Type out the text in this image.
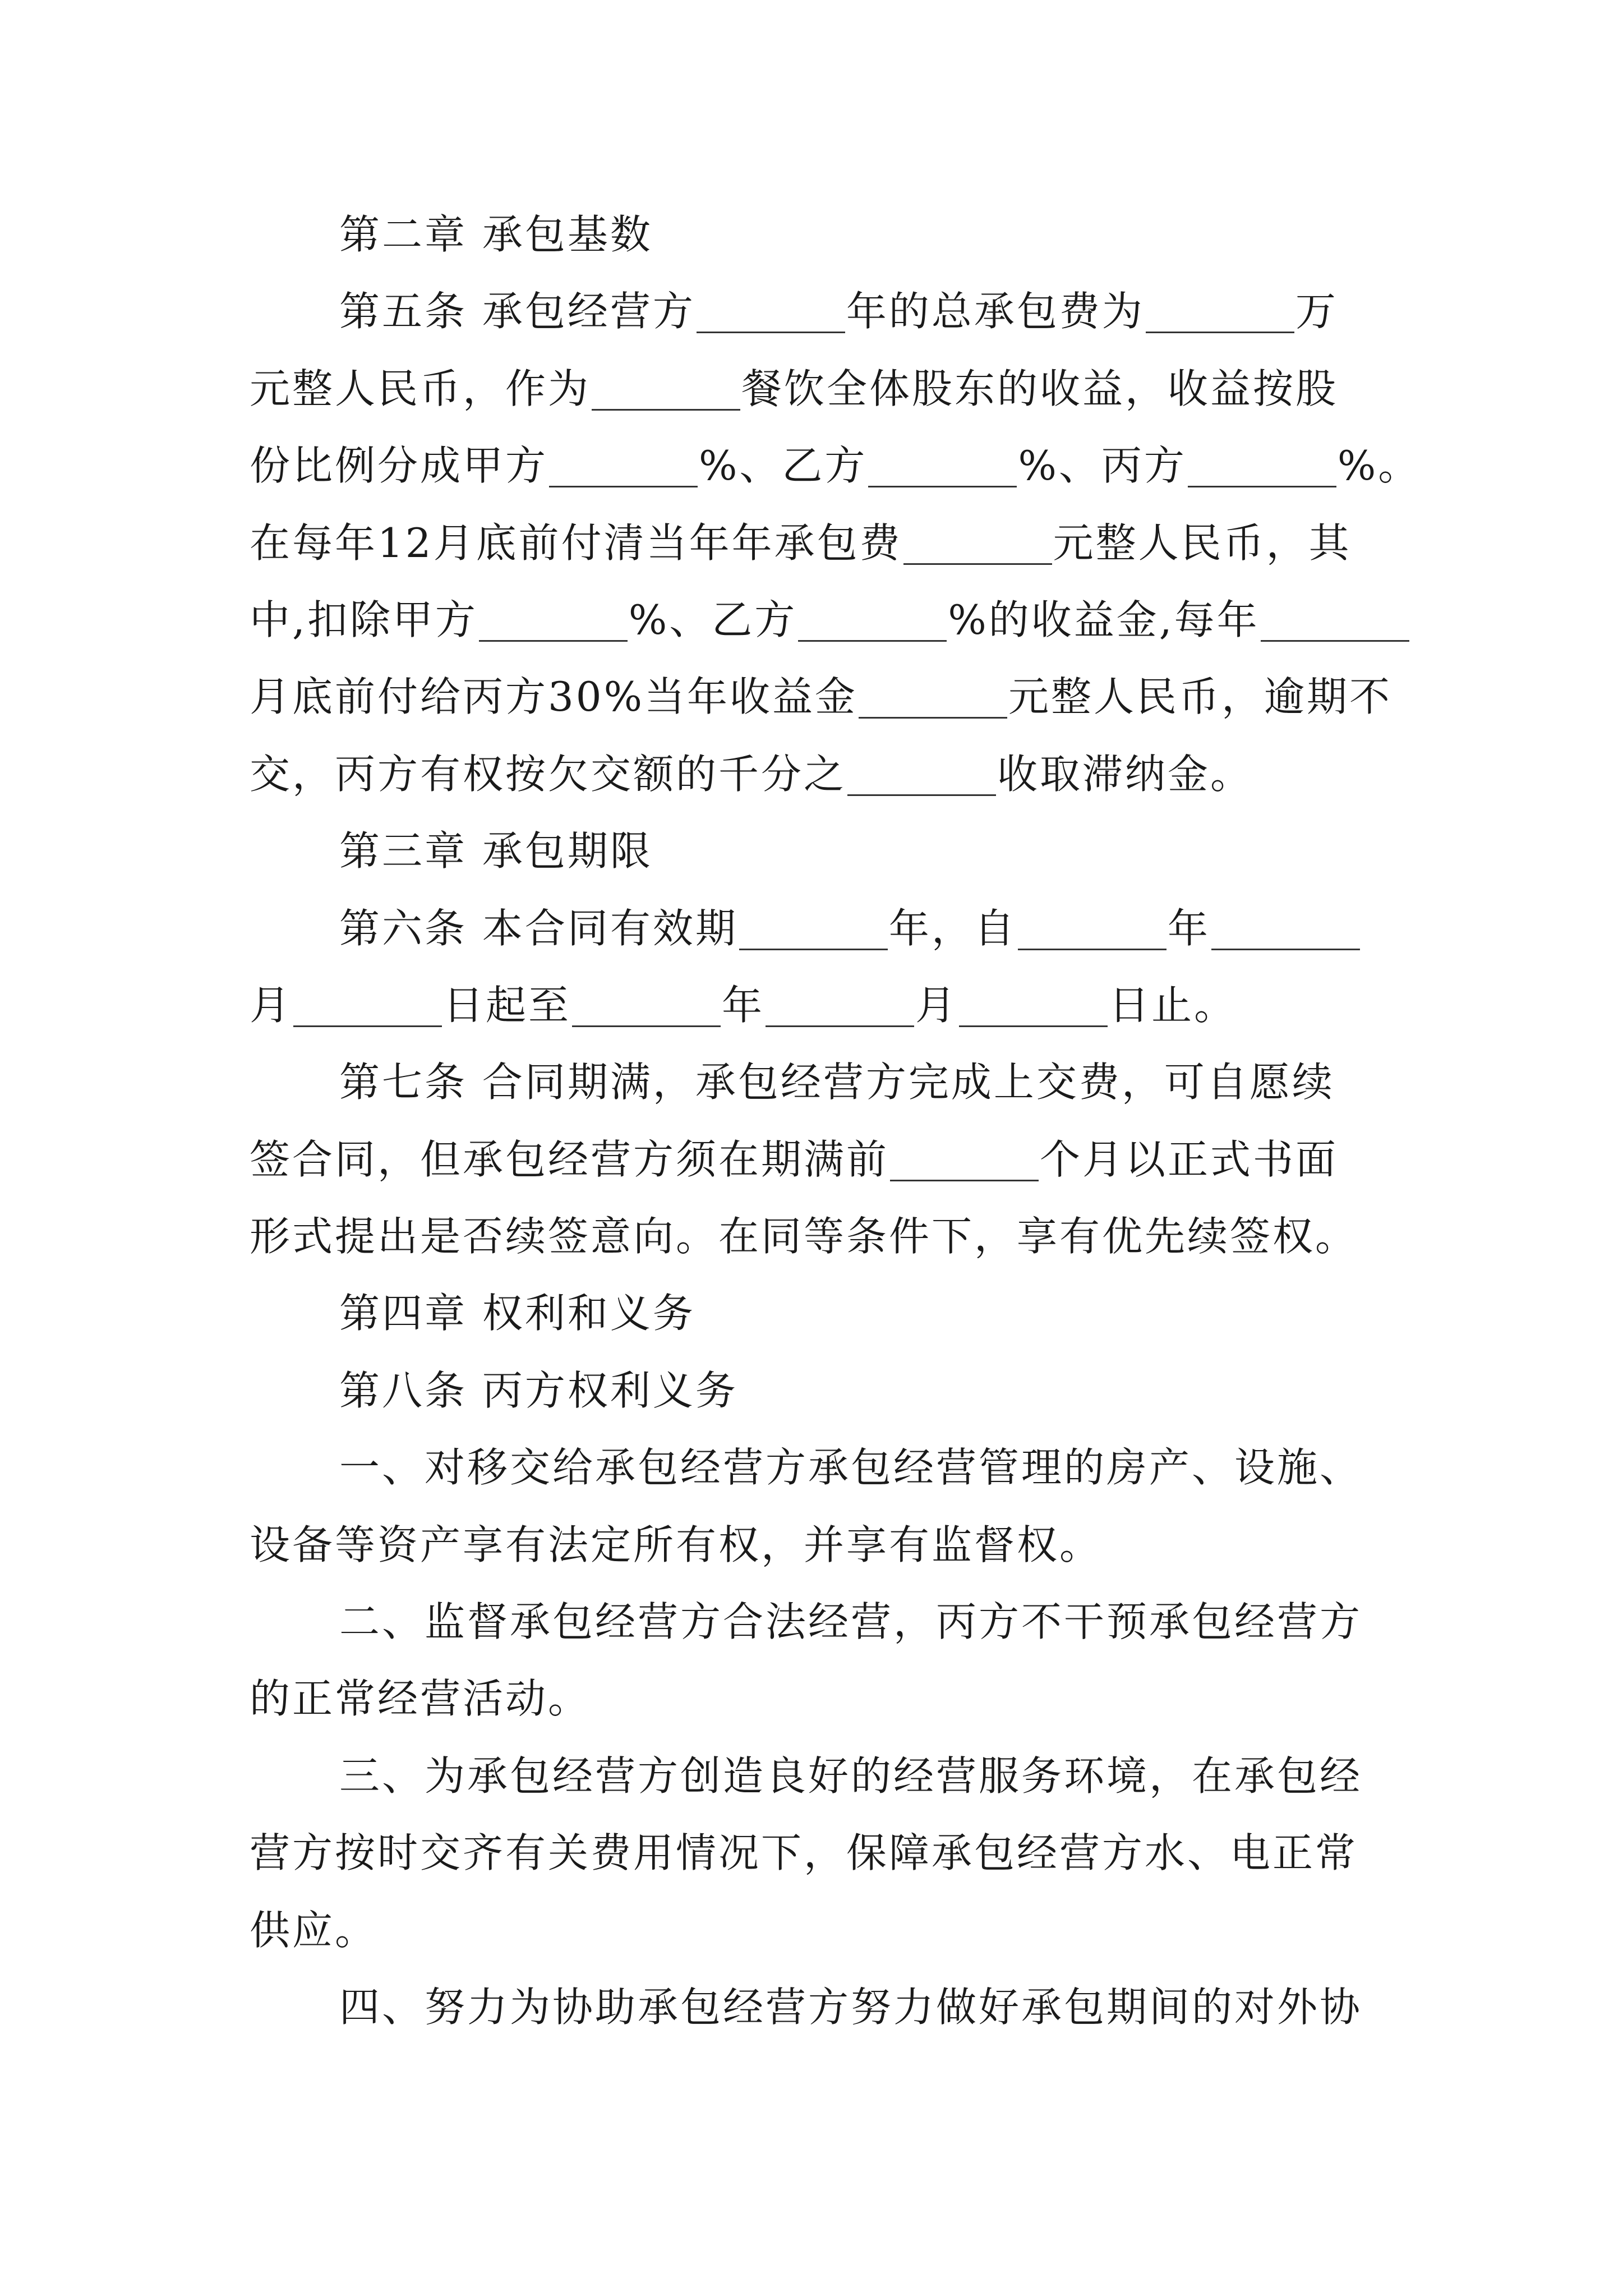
第二章 承包基数
第五条 承包经营方	年的总承包费为	万
元整人民币，作为	餐饮全体股东的收益，收益按股
份比例分成甲方	%、乙方	%、丙方	%。
在每年12月底前付清当年年承包费	元整人民币，其
中,扣除甲方	%、乙方	%的收益金,每年
月底前付给丙方30%当年收益金	元整人民币，逾期不
交，丙方有权按欠交额的千分之	收取滞纳金。
第三章 承包期限
第六条 本合同有效期	年，自	年
月	日起至	年	月	日止。
第七条 合同期满，承包经营方完成上交费，可自愿续
签合同，但承包经营方须在期满前	个月以正式书面
形式提出是否续签意向。在同等条件下，享有优先续签权。
第四章 权利和义务
第八条 丙方权利义务
一、对移交给承包经营方承包经营管理的房产、设施、
设备等资产享有法定所有权，并享有监督权。
二、监督承包经营方合法经营，丙方不干预承包经营方
的正常经营活动。
三、为承包经营方创造良好的经营服务环境，在承包经
营方按时交齐有关费用情况下，保障承包经营方水、电正常
供应。
四、努力为协助承包经营方努力做好承包期间的对外协
